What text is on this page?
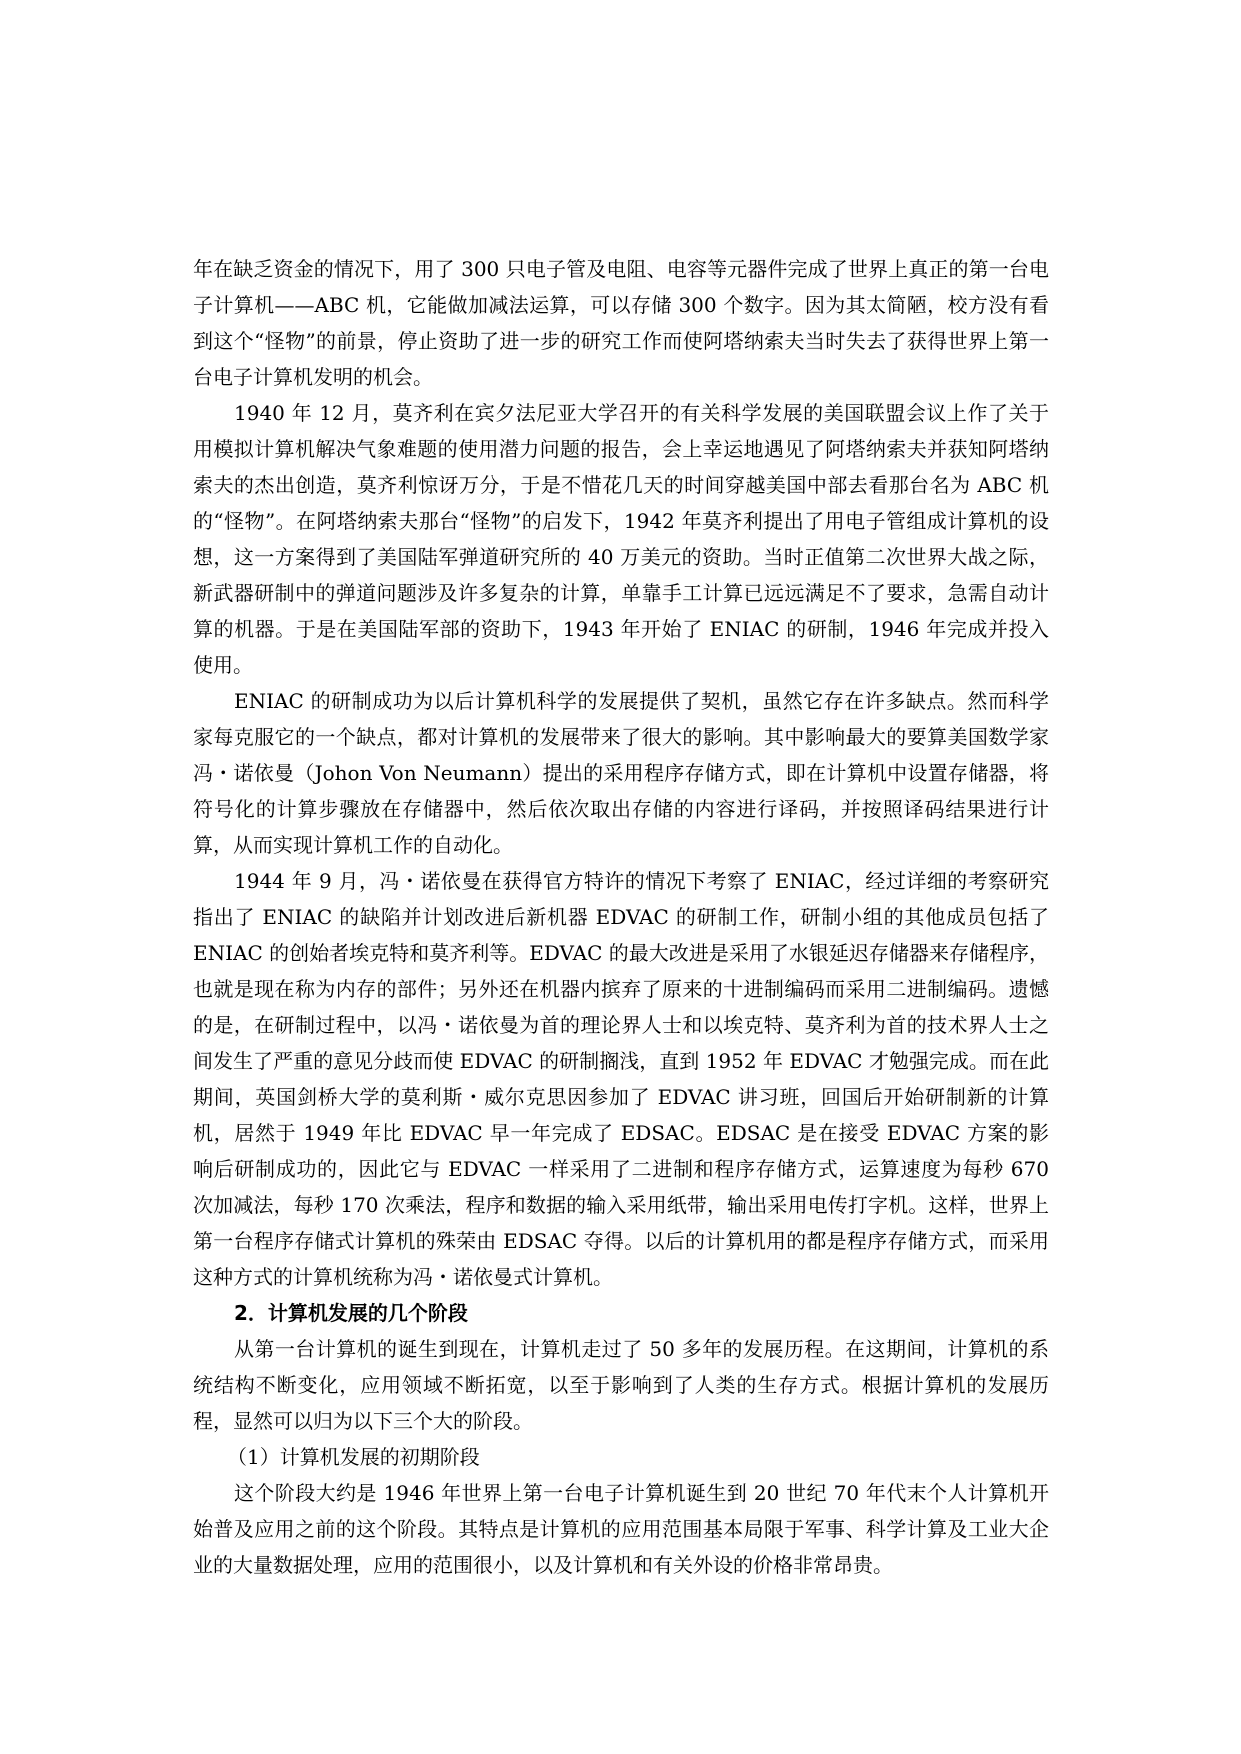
年在缺乏资金的情况下，用了 300 只电子管及电阻、电容等元器件完成了世界上真正的第一台电子计算机——ABC 机，它能做加减法运算，可以存储 300 个数字。因为其太简陋，校方没有看到这个“怪物”的前景，停止资助了进一步的研究工作而使阿塔纳索夫当时失去了获得世界上第一台电子计算机发明的机会。

1940 年 12 月，莫齐利在宾夕法尼亚大学召开的有关科学发展的美国联盟会议上作了关于用模拟计算机解决气象难题的使用潜力问题的报告，会上幸运地遇见了阿塔纳索夫并获知阿塔纳索夫的杰出创造，莫齐利惊讶万分，于是不惜花几天的时间穿越美国中部去看那台名为 ABC 机的“怪物”。在阿塔纳索夫那台“怪物”的启发下，1942 年莫齐利提出了用电子管组成计算机的设想，这一方案得到了美国陆军弹道研究所的 40 万美元的资助。当时正值第二次世界大战之际，新武器研制中的弹道问题涉及许多复杂的计算，单靠手工计算已远远满足不了要求，急需自动计算的机器。于是在美国陆军部的资助下，1943 年开始了 ENIAC 的研制，1946 年完成并投入使用。

ENIAC 的研制成功为以后计算机科学的发展提供了契机，虽然它存在许多缺点。然而科学家每克服它的一个缺点，都对计算机的发展带来了很大的影响。其中影响最大的要算美国数学家冯・诺依曼（Johon Von Neumann）提出的采用程序存储方式，即在计算机中设置存储器，将符号化的计算步骤放在存储器中，然后依次取出存储的内容进行译码，并按照译码结果进行计算，从而实现计算机工作的自动化。

1944 年 9 月，冯・诺依曼在获得官方特许的情况下考察了 ENIAC，经过详细的考察研究指出了 ENIAC 的缺陷并计划改进后新机器 EDVAC 的研制工作，研制小组的其他成员包括了 ENIAC 的创始者埃克特和莫齐利等。EDVAC 的最大改进是采用了水银延迟存储器来存储程序，也就是现在称为内存的部件；另外还在机器内摈弃了原来的十进制编码而采用二进制编码。遗憾的是，在研制过程中，以冯・诺依曼为首的理论界人士和以埃克特、莫齐利为首的技术界人士之间发生了严重的意见分歧而使 EDVAC 的研制搁浅，直到 1952 年 EDVAC 才勉强完成。而在此期间，英国剑桥大学的莫利斯・威尔克思因参加了 EDVAC 讲习班，回国后开始研制新的计算机，居然于 1949 年比 EDVAC 早一年完成了 EDSAC。EDSAC 是在接受 EDVAC 方案的影响后研制成功的，因此它与 EDVAC 一样采用了二进制和程序存储方式，运算速度为每秒 670 次加减法，每秒 170 次乘法，程序和数据的输入采用纸带，输出采用电传打字机。这样，世界上第一台程序存储式计算机的殊荣由 EDSAC 夺得。以后的计算机用的都是程序存储方式，而采用这种方式的计算机统称为冯・诺依曼式计算机。

2．计算机发展的几个阶段

从第一台计算机的诞生到现在，计算机走过了 50 多年的发展历程。在这期间，计算机的系统结构不断变化，应用领域不断拓宽，以至于影响到了人类的生存方式。根据计算机的发展历程，显然可以归为以下三个大的阶段。

（1）计算机发展的初期阶段

这个阶段大约是 1946 年世界上第一台电子计算机诞生到 20 世纪 70 年代末个人计算机开始普及应用之前的这个阶段。其特点是计算机的应用范围基本局限于军事、科学计算及工业大企业的大量数据处理，应用的范围很小，以及计算机和有关外设的价格非常昂贵。
